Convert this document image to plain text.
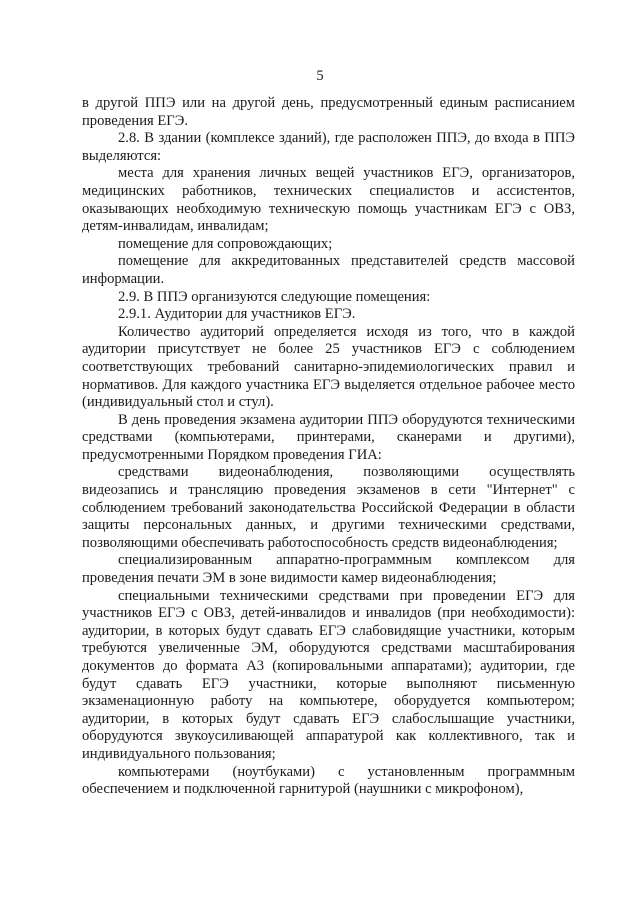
5

в другой ППЭ или на другой день, предусмотренный единым расписанием проведения ЕГЭ.

2.8. В здании (комплексе зданий), где расположен ППЭ, до входа в ППЭ выделяются:

места для хранения личных вещей участников ЕГЭ, организаторов, медицинских работников, технических специалистов и ассистентов, оказывающих необходимую техническую помощь участникам ЕГЭ с ОВЗ, детям-инвалидам, инвалидам;

помещение для сопровождающих;

помещение для аккредитованных представителей средств массовой информации.

2.9. В ППЭ организуются следующие помещения:

2.9.1. Аудитории для участников ЕГЭ.

Количество аудиторий определяется исходя из того, что в каждой аудитории присутствует не более 25 участников ЕГЭ с соблюдением соответствующих требований санитарно-эпидемиологических правил и нормативов. Для каждого участника ЕГЭ выделяется отдельное рабочее место (индивидуальный стол и стул).

В день проведения экзамена аудитории ППЭ оборудуются техническими средствами (компьютерами, принтерами, сканерами и другими), предусмотренными Порядком проведения ГИА:

средствами видеонаблюдения, позволяющими осуществлять видеозапись и трансляцию проведения экзаменов в сети "Интернет" с соблюдением требований законодательства Российской Федерации в области защиты персональных данных, и другими техническими средствами, позволяющими обеспечивать работоспособность средств видеонаблюдения;

специализированным аппаратно-программным комплексом для проведения печати ЭМ в зоне видимости камер видеонаблюдения;

специальными техническими средствами при проведении ЕГЭ для участников ЕГЭ с ОВЗ, детей-инвалидов и инвалидов (при необходимости): аудитории, в которых будут сдавать ЕГЭ слабовидящие участники, которым требуются увеличенные ЭМ, оборудуются средствами масштабирования документов до формата А3 (копировальными аппаратами); аудитории, где будут сдавать ЕГЭ участники, которые выполняют письменную экзаменационную работу на компьютере, оборудуется компьютером; аудитории, в которых будут сдавать ЕГЭ слабослышащие участники, оборудуются звукоусиливающей аппаратурой как коллективного, так и индивидуального пользования;

компьютерами (ноутбуками) с установленным программным обеспечением и подключенной гарнитурой (наушники с микрофоном),
